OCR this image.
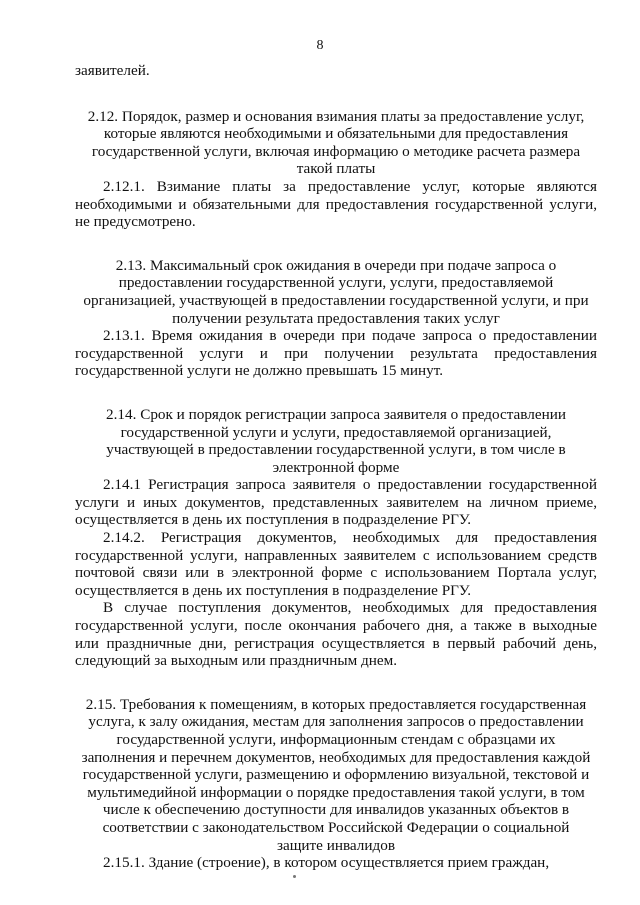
8

заявителей.

2.12. Порядок, размер и основания взимания платы за предоставление услуг, которые являются необходимыми и обязательными для предоставления государственной услуги, включая информацию о методике расчета размера такой платы

2.12.1. Взимание платы за предоставление услуг, которые являются необходимыми и обязательными для предоставления государственной услуги, не предусмотрено.

2.13. Максимальный срок ожидания в очереди при подаче запроса о предоставлении государственной услуги, услуги, предоставляемой организацией, участвующей в предоставлении государственной услуги, и при получении результата предоставления таких услуг

2.13.1. Время ожидания в очереди при подаче запроса о предоставлении государственной услуги и при получении результата предоставления государственной услуги не должно превышать 15 минут.

2.14. Срок и порядок регистрации запроса заявителя о предоставлении государственной услуги и услуги, предоставляемой организацией, участвующей в предоставлении государственной услуги, в том числе в электронной форме

2.14.1 Регистрация запроса заявителя о предоставлении государственной услуги и иных документов, представленных заявителем на личном приеме, осуществляется в день их поступления в подразделение РГУ.

2.14.2. Регистрация документов, необходимых для предоставления государственной услуги, направленных заявителем с использованием средств почтовой связи или в электронной форме с использованием Портала услуг, осуществляется в день их поступления в подразделение РГУ.

В случае поступления документов, необходимых для предоставления государственной услуги, после окончания рабочего дня, а также в выходные или праздничные дни, регистрация осуществляется в первый рабочий день, следующий за выходным или праздничным днем.

2.15. Требования к помещениям, в которых предоставляется государственная услуга, к залу ожидания, местам для заполнения запросов о предоставлении государственной услуги, информационным стендам с образцами их заполнения и перечнем документов, необходимых для предоставления каждой государственной услуги, размещению и оформлению визуальной, текстовой и мультимедийной информации о порядке предоставления такой услуги, в том числе к обеспечению доступности для инвалидов указанных объектов в соответствии с законодательством Российской Федерации о социальной защите инвалидов

2.15.1. Здание (строение), в котором осуществляется прием граждан,
